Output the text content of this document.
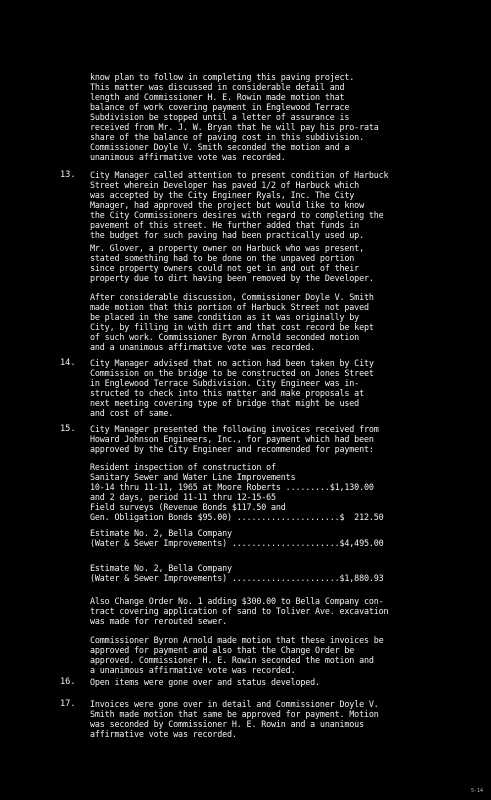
know plan to follow in completing this paving project.
This matter was discussed in considerable detail and
length and Commissioner H. E. Rowin made motion that
balance of work covering payment in Englewood Terrace
Subdivision be stopped until a letter of assurance is
received from Mr. J. W. Bryan that he will pay his pro-rata
share of the balance of paving cost in this subdivision.
Commissioner Doyle V. Smith seconded the motion and a
unanimous affirmative vote was recorded.
13. City Manager called attention to present condition of Harbuck
Street wherein Developer has paved 1/2 of Harbuck which
was accepted by the City Engineer Ryals, Inc. The City
Manager, had approved the project but would like to know
the City Commissioners desires with regard to completing the
pavement of this street. He further added that funds in
the budget for such paving had been practically used up.
Mr. Glover, a property owner on Harbuck who was present,
stated something had to be done on the unpaved portion
since property owners could not get in and out of their
property due to dirt having been removed by the Developer.
After considerable discussion, Commissioner Doyle V. Smith
made motion that this portion of Harbuck Street not paved
be placed in the same condition as it was originally by
City, by filling in with dirt and that cost record be kept
of such work. Commissioner Byron Arnold seconded motion
and a unanimous affirmative vote was recorded.
14. City Manager advised that no action had been taken by City
Commission on the bridge to be constructed on Jones Street
in Englewood Terrace Subdivision. City Engineer was in-
structed to check into this matter and make proposals at
next meeting covering type of bridge that might be used
and cost of same.
15. City Manager presented the following invoices received from
Howard Johnson Engineers, Inc., for payment which had been
approved by the City Engineer and recommended for payment:
Resident inspection of construction of
Sanitary Sewer and Water Line Improvements
10-14 thru 11-11, 1965 at Moore Roberts .........$1,130.00
and 2 days, period 11-11 thru 12-15-65
Field surveys (Revenue Bonds $117.50 and
Gen. Obligation Bonds $95.00) .....................$  212.50
Estimate No. 2, Bella Company
(Water & Sewer Improvements) ......................$4,495.00
Estimate No. 2, Bella Company
(Water & Sewer Improvements) ......................$1,880.93
Also Change Order No. 1 adding $300.00 to Bella Company con-
tract covering application of sand to Toliver Ave. excavation
was made for rerouted sewer.
Commissioner Byron Arnold made motion that these invoices be
approved for payment and also that the Change Order be
approved. Commissioner H. E. Rowin seconded the motion and
a unanimous affirmative vote was recorded.
16. Open items were gone over and status developed.
17. Invoices were gone over in detail and Commissioner Doyle V.
Smith made motion that same be approved for payment. Motion
was seconded by Commissioner H. E. Rowin and a unanimous
affirmative vote was recorded.
5-14
